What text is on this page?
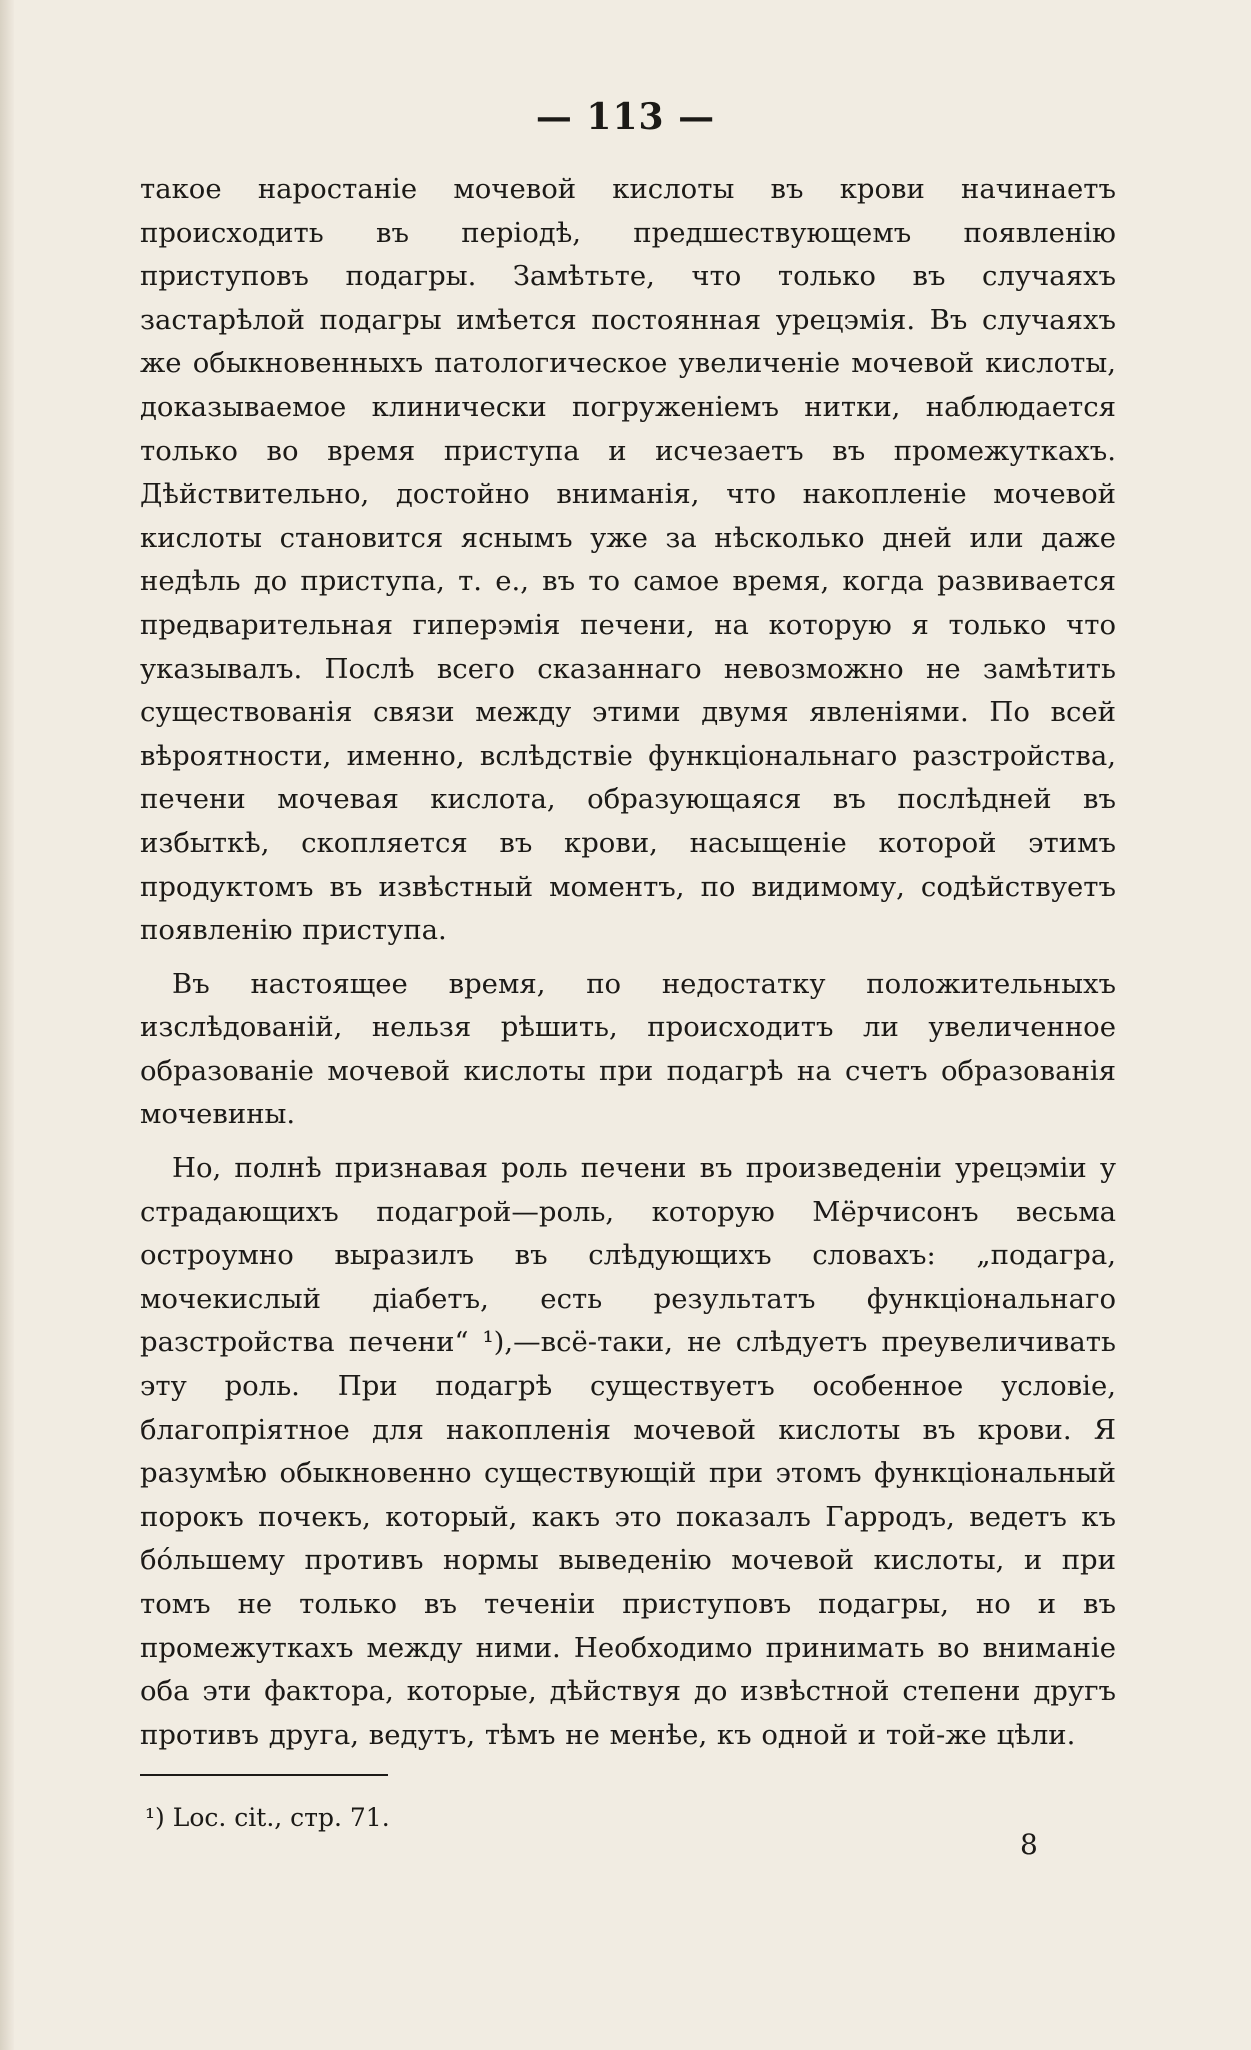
— 113 —

такое наростаніе мочевой кислоты въ крови начинаетъ происходить въ періодѣ, предшествующемъ появленію приступовъ подагры. Замѣтьте, что только въ случаяхъ застарѣлой подагры имѣется постоянная урецэмія. Въ случаяхъ же обыкновенныхъ патологическое увеличеніе мочевой кислоты, доказываемое клинически погруженіемъ нитки, наблюдается только во время приступа и исчезаетъ въ промежуткахъ. Дѣйствительно, достойно вниманія, что накопленіе мочевой кислоты становится яснымъ уже за нѣсколько дней или даже недѣль до приступа, т. е., въ то самое время, когда развивается предварительная гиперэмія печени, на которую я только что указывалъ. Послѣ всего сказаннаго невозможно не замѣтить существованія связи между этими двумя явленіями. По всей вѣроятности, именно, вслѣдствіе функціональнаго разстройства, печени мочевая кислота, образующаяся въ послѣдней въ избыткѣ, скопляется въ крови, насыщеніе которой этимъ продуктомъ въ извѣстный моментъ, по видимому, содѣйствуетъ появленію приступа.

Въ настоящее время, по недостатку положительныхъ изслѣдованій, нельзя рѣшить, происходитъ ли увеличенное образованіе мочевой кислоты при подагрѣ на счетъ образованія мочевины.

Но, полнѣ признавая роль печени въ произведеніи урецэміи у страдающихъ подагрой—роль, которую Мёрчисонъ весьма остроумно выразилъ въ слѣдующихъ словахъ: „подагра, мочекислый діабетъ, есть результатъ функціональнаго разстройства печени“ ¹),—всё-таки, не слѣдуетъ преувеличивать эту роль. При подагрѣ существуетъ особенное условіе, благопріятное для накопленія мочевой кислоты въ крови. Я разумѣю обыкновенно существующій при этомъ функціональный порокъ почекъ, который, какъ это показалъ Гарродъ, ведетъ къ бо́льшему противъ нормы выведенію мочевой кислоты, и при томъ не только въ теченіи приступовъ подагры, но и въ промежуткахъ между ними. Необходимо принимать во вниманіе оба эти фактора, которые, дѣйствуя до извѣстной степени другъ противъ друга, ведутъ, тѣмъ не менѣе, къ одной и той-же цѣли.

¹) Loc. cit., стр. 71.
8
